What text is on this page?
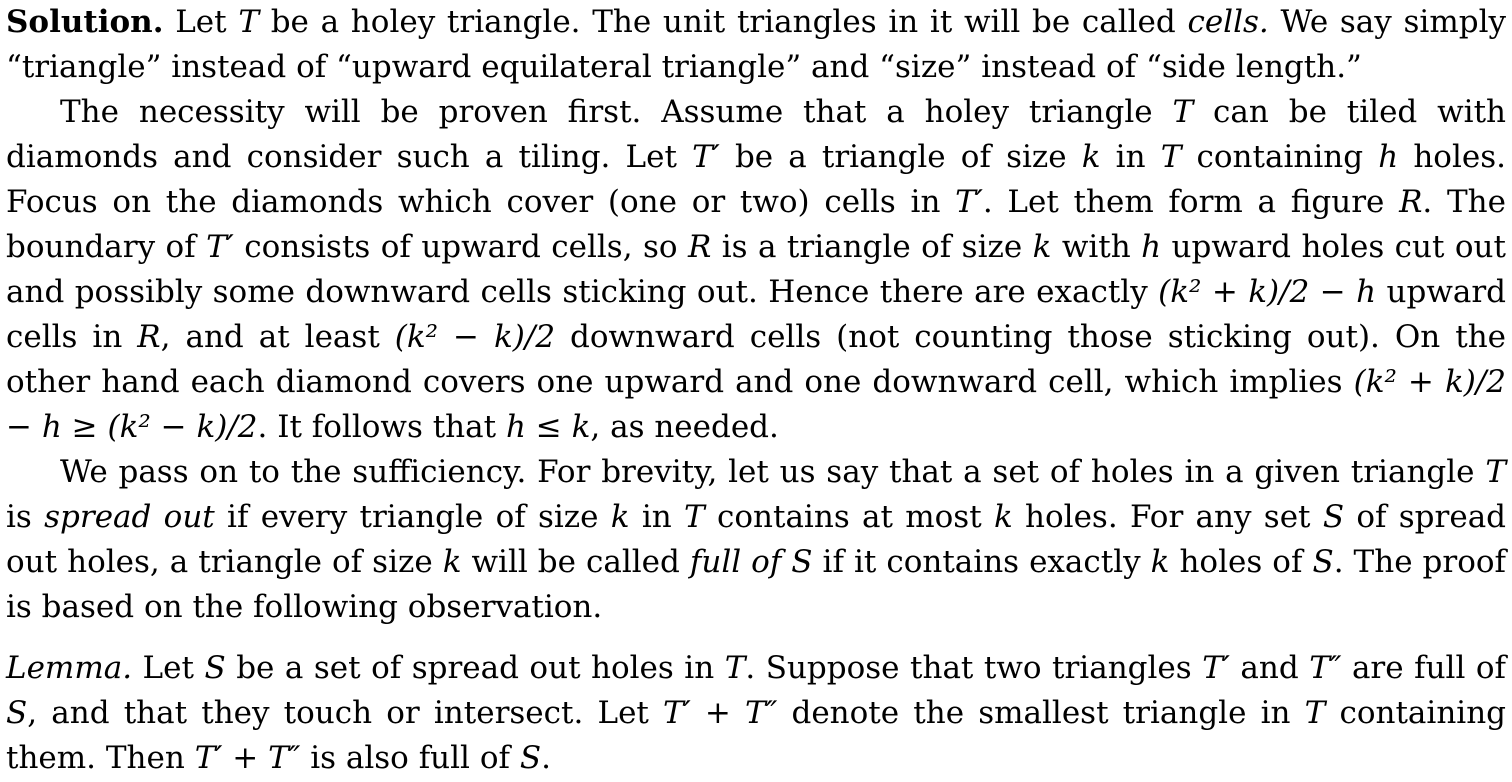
Solution. Let T be a holey triangle. The unit triangles in it will be called cells. We say simply “triangle” instead of “upward equilateral triangle” and “size” instead of “side length.”

The necessity will be proven first. Assume that a holey triangle T can be tiled with diamonds and consider such a tiling. Let T′ be a triangle of size k in T containing h holes. Focus on the diamonds which cover (one or two) cells in T′. Let them form a figure R. The boundary of T′ consists of upward cells, so R is a triangle of size k with h upward holes cut out and possibly some downward cells sticking out. Hence there are exactly (k² + k)/2 − h upward cells in R, and at least (k² − k)/2 downward cells (not counting those sticking out). On the other hand each diamond covers one upward and one downward cell, which implies (k² + k)/2 − h ≥ (k² − k)/2. It follows that h ≤ k, as needed.

We pass on to the sufficiency. For brevity, let us say that a set of holes in a given triangle T is spread out if every triangle of size k in T contains at most k holes. For any set S of spread out holes, a triangle of size k will be called full of S if it contains exactly k holes of S. The proof is based on the following observation.

Lemma. Let S be a set of spread out holes in T. Suppose that two triangles T′ and T″ are full of S, and that they touch or intersect. Let T′ + T″ denote the smallest triangle in T containing them. Then T′ + T″ is also full of S.
